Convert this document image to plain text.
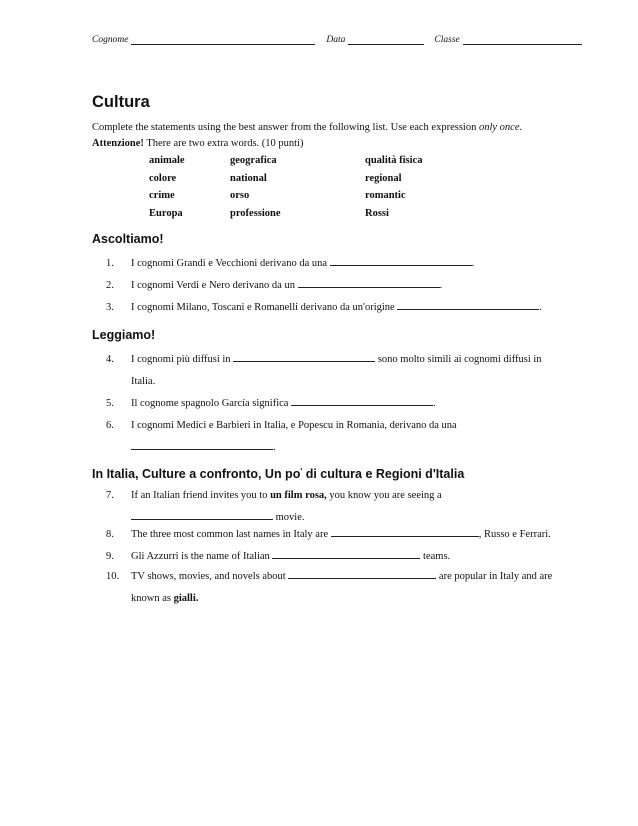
Cognome	Data	Classe
Cultura
Complete the statements using the best answer from the following list. Use each expression only once.
Attenzione! There are two extra words. (10 punti)
animale	geografica	qualità fisica
colore	national	regional
crime	orso	romantic
Europa	professione	Rossi
Ascoltiamo!
1.	I cognomi Grandi e Vecchioni derivano da una	.
2.	I cognomi Verdi e Nero derivano da un	.
3.	I cognomi Milano, Toscani e Romanelli derivano da un'origine	.
Leggiamo!
4.	I cognomi più diffusi in	sono molto simili ai cognomi diffusi in
Italia.
5.	Il cognome spagnolo García significa	.
6.	I cognomi Medici e Barbieri in Italia, e Popescu in Romania, derivano da una
.
In Italia, Culture a confronto, Un po' di cultura e Regioni d'Italia
7.	If an Italian friend invites you to un film rosa, you know you are seeing a
movie.
8.	The three most common last names in Italy are	, Russo e Ferrari.
9.	Gli Azzurri is the name of Italian	teams.
10.	TV shows, movies, and novels about	are popular in Italy and are
known as gialli.
